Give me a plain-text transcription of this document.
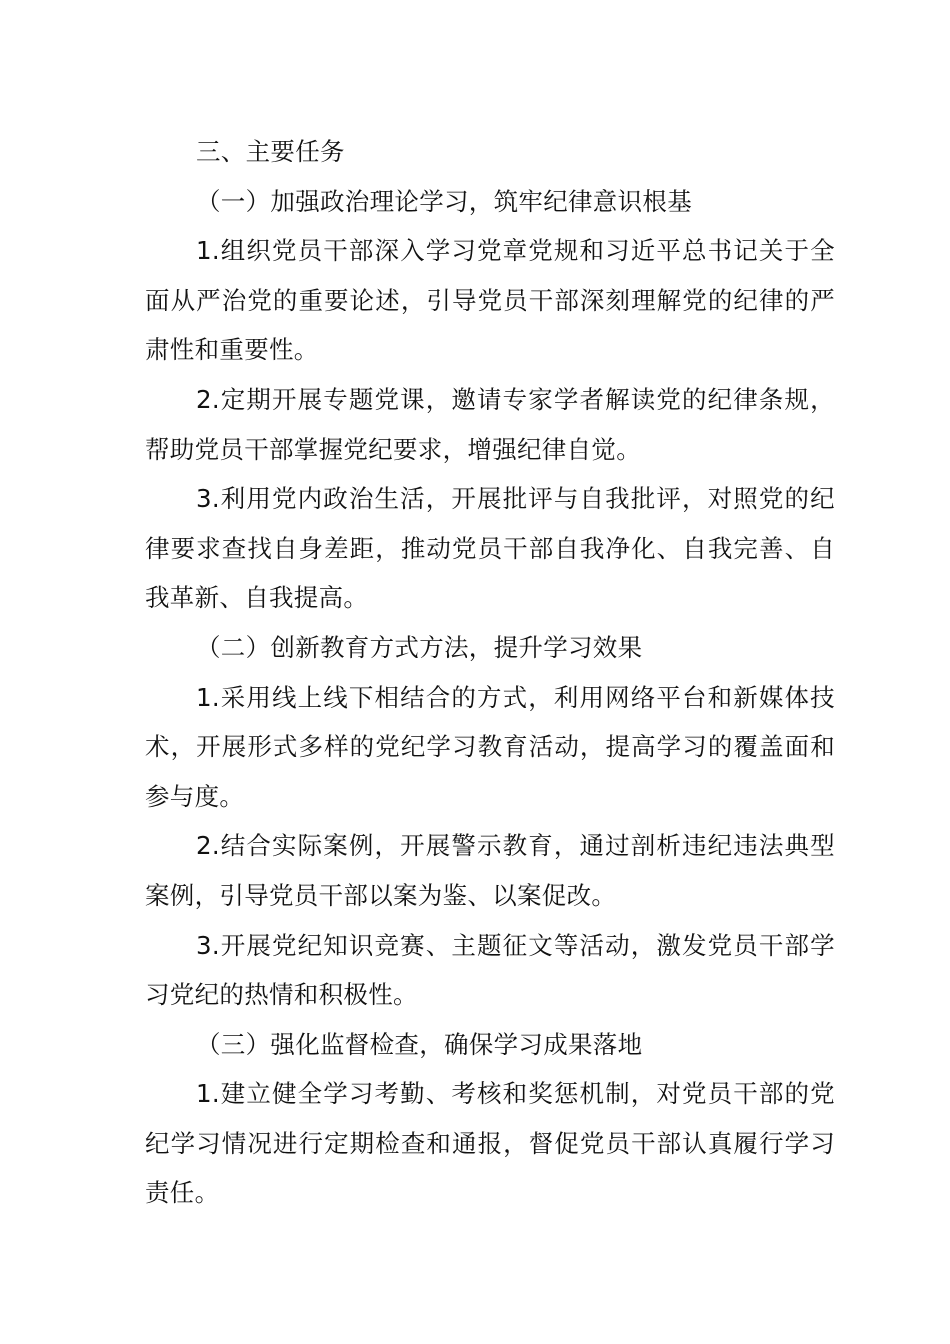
三、主要任务

（一）加强政治理论学习，筑牢纪律意识根基

1.组织党员干部深入学习党章党规和习近平总书记关于全面从严治党的重要论述，引导党员干部深刻理解党的纪律的严肃性和重要性。

2.定期开展专题党课，邀请专家学者解读党的纪律条规，帮助党员干部掌握党纪要求，增强纪律自觉。

3.利用党内政治生活，开展批评与自我批评，对照党的纪律要求查找自身差距，推动党员干部自我净化、自我完善、自我革新、自我提高。

（二）创新教育方式方法，提升学习效果

1.采用线上线下相结合的方式，利用网络平台和新媒体技术，开展形式多样的党纪学习教育活动，提高学习的覆盖面和参与度。

2.结合实际案例，开展警示教育，通过剖析违纪违法典型案例，引导党员干部以案为鉴、以案促改。

3.开展党纪知识竞赛、主题征文等活动，激发党员干部学习党纪的热情和积极性。

（三）强化监督检查，确保学习成果落地

1.建立健全学习考勤、考核和奖惩机制，对党员干部的党纪学习情况进行定期检查和通报，督促党员干部认真履行学习责任。
